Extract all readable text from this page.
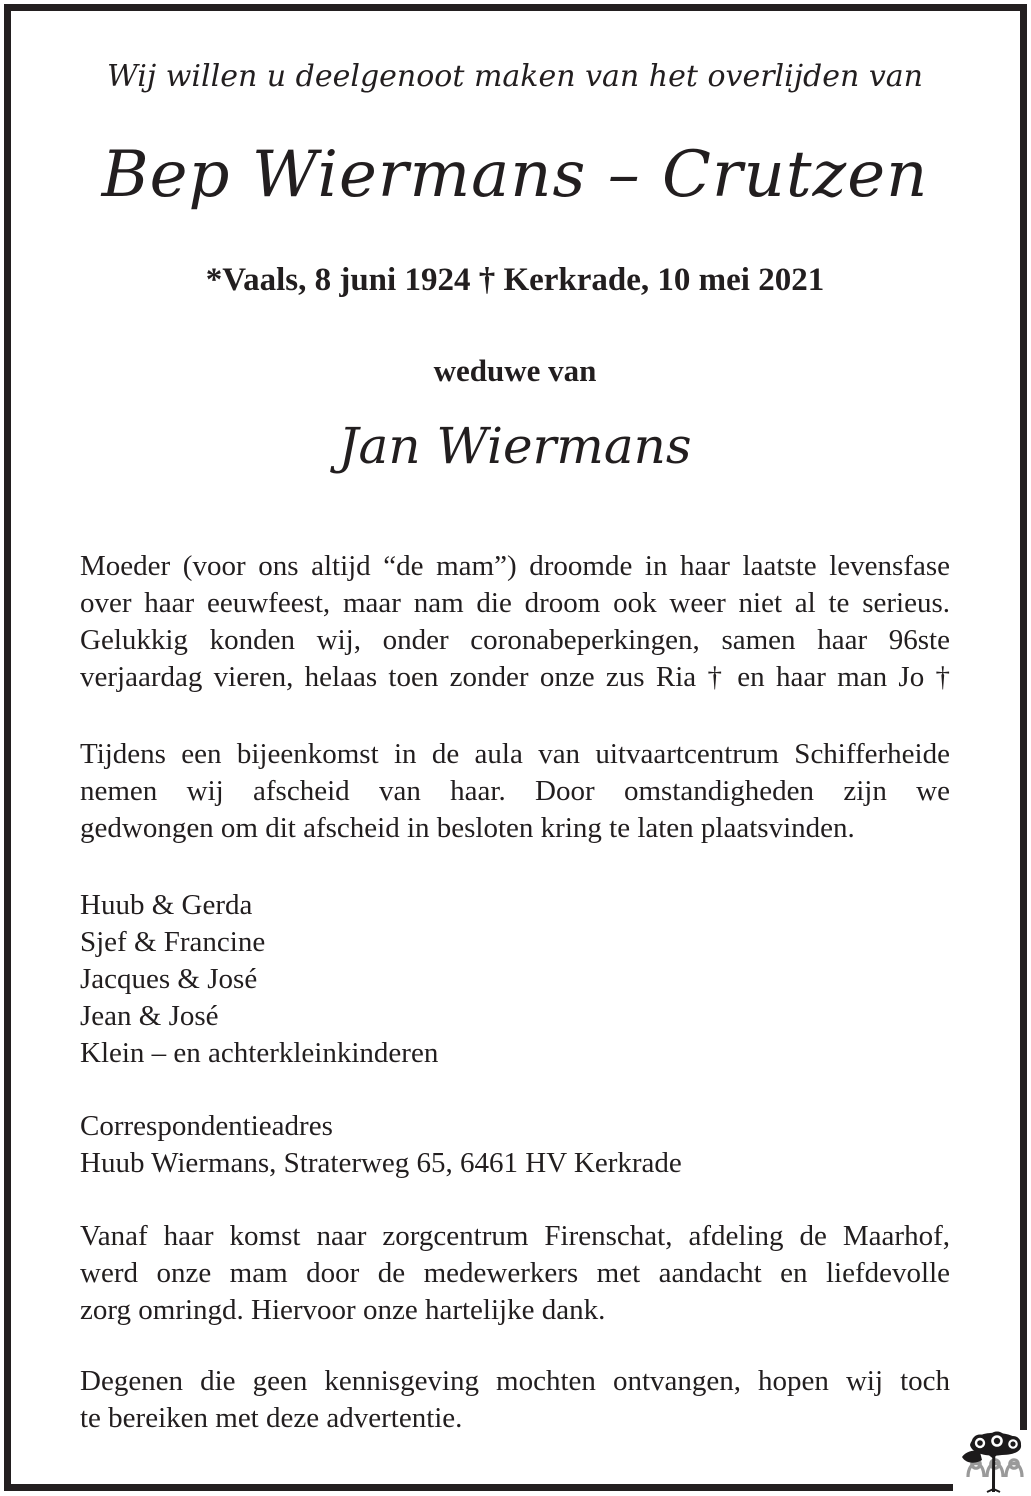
Wij willen u deelgenoot maken van het overlijden van
Bep Wiermans – Crutzen
*Vaals, 8 juni 1924 † Kerkrade, 10 mei 2021
weduwe van
Jan Wiermans
Moeder (voor ons altijd “de mam”) droomde in haar laatste levensfase
over haar eeuwfeest, maar nam die droom ook weer niet al te serieus.
Gelukkig konden wij, onder coronabeperkingen, samen haar 96ste
verjaardag vieren, helaas toen zonder onze zus Ria † en haar man Jo †
Tijdens een bijeenkomst in de aula van uitvaartcentrum Schifferheide
nemen wij afscheid van haar. Door omstandigheden zijn we
gedwongen om dit afscheid in besloten kring te laten plaatsvinden.
Huub & Gerda
Sjef & Francine
Jacques & José
Jean & José
Klein – en achterkleinkinderen
Correspondentieadres
Huub Wiermans, Straterweg 65, 6461 HV Kerkrade
Vanaf haar komst naar zorgcentrum Firenschat, afdeling de Maarhof,
werd onze mam door de medewerkers met aandacht en liefdevolle
zorg omringd. Hiervoor onze hartelijke dank.
Degenen die geen kennisgeving mochten ontvangen, hopen wij toch
te bereiken met deze advertentie.
